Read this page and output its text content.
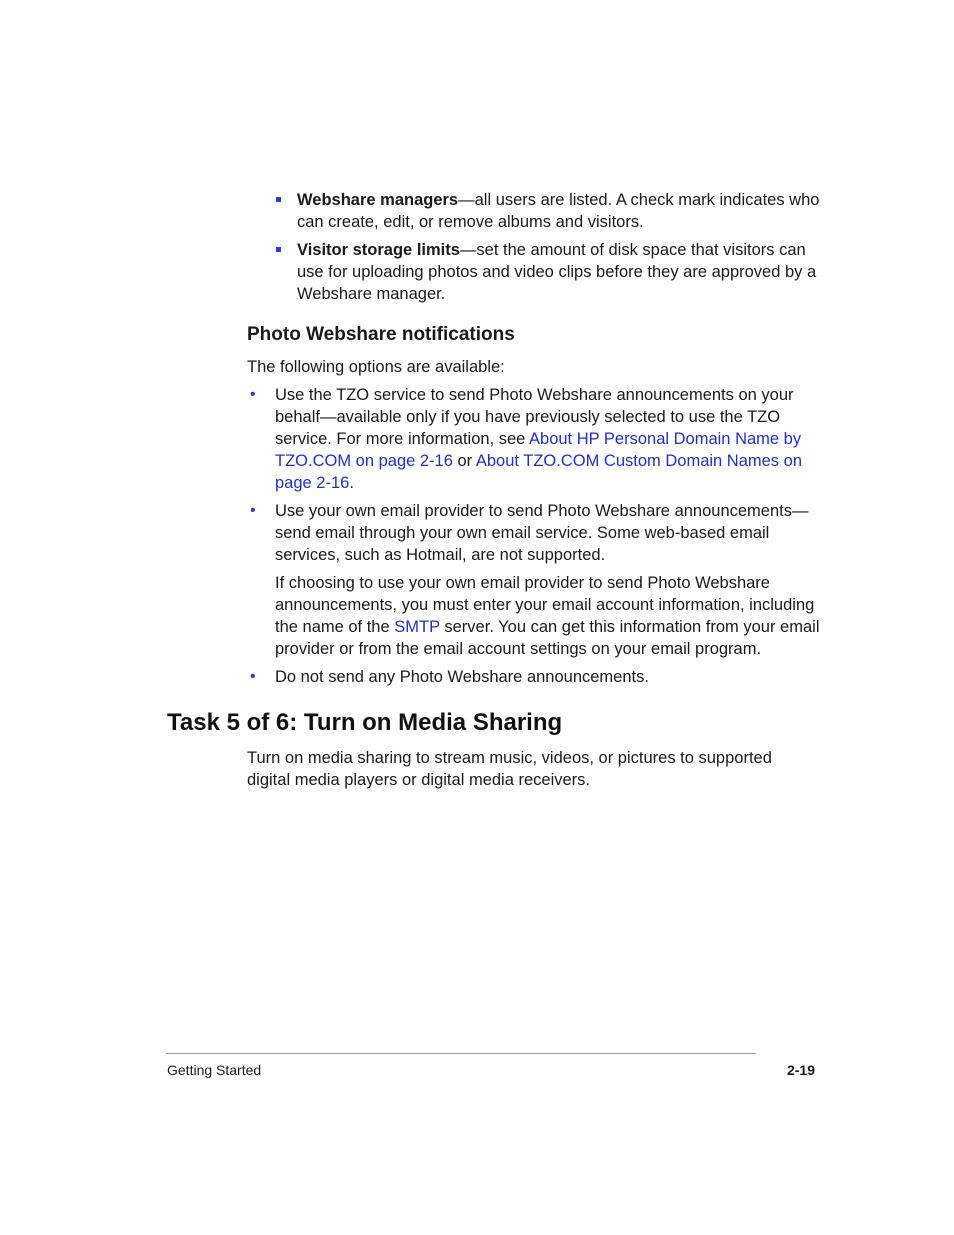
Webshare managers—all users are listed. A check mark indicates who can create, edit, or remove albums and visitors.
Visitor storage limits—set the amount of disk space that visitors can use for uploading photos and video clips before they are approved by a Webshare manager.
Photo Webshare notifications

The following options are available:

• Use the TZO service to send Photo Webshare announcements on your behalf—available only if you have previously selected to use the TZO service. For more information, see About HP Personal Domain Name by TZO.COM on page 2-16 or About TZO.COM Custom Domain Names on page 2-16.

• Use your own email provider to send Photo Webshare announcements—send email through your own email service. Some web-based email services, such as Hotmail, are not supported.

If choosing to use your own email provider to send Photo Webshare announcements, you must enter your email account information, including the name of the SMTP server. You can get this information from your email provider or from the email account settings on your email program.

• Do not send any Photo Webshare announcements.

Task 5 of 6: Turn on Media Sharing

Turn on media sharing to stream music, videos, or pictures to supported digital media players or digital media receivers.

Getting Started	2-19
